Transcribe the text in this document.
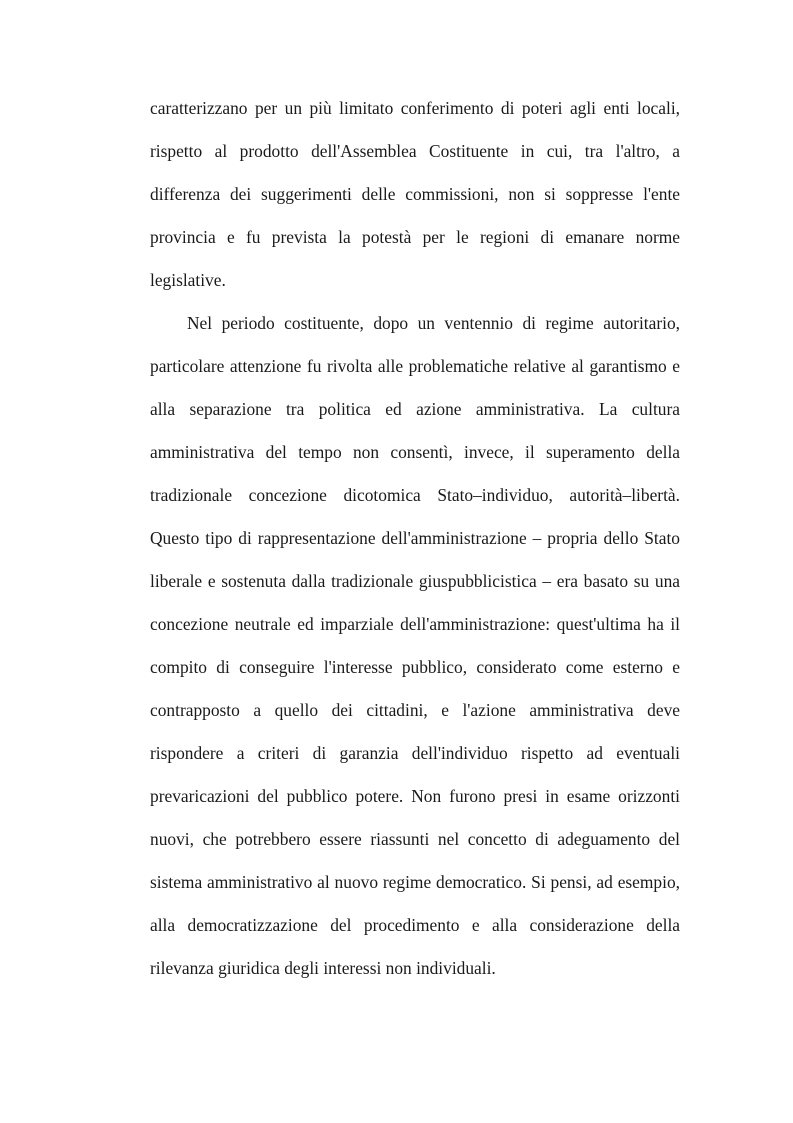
caratterizzano per un più limitato conferimento di poteri agli enti locali, rispetto al prodotto dell'Assemblea Costituente in cui, tra l'altro, a differenza dei suggerimenti delle commissioni, non si soppresse l'ente provincia e fu prevista la potestà per le regioni di emanare norme legislative.

Nel periodo costituente, dopo un ventennio di regime autoritario, particolare attenzione fu rivolta alle problematiche relative al garantismo e alla separazione tra politica ed azione amministrativa. La cultura amministrativa del tempo non consentì, invece, il superamento della tradizionale concezione dicotomica Stato–individuo, autorità–libertà. Questo tipo di rappresentazione dell'amministrazione – propria dello Stato liberale e sostenuta dalla tradizionale giuspubblicistica – era basato su una concezione neutrale ed imparziale dell'amministrazione: quest'ultima ha il compito di conseguire l'interesse pubblico, considerato come esterno e contrapposto a quello dei cittadini, e l'azione amministrativa deve rispondere a criteri di garanzia dell'individuo rispetto ad eventuali prevaricazioni del pubblico potere. Non furono presi in esame orizzonti nuovi, che potrebbero essere riassunti nel concetto di adeguamento del sistema amministrativo al nuovo regime democratico. Si pensi, ad esempio, alla democratizzazione del procedimento e alla considerazione della rilevanza giuridica degli interessi non individuali.
